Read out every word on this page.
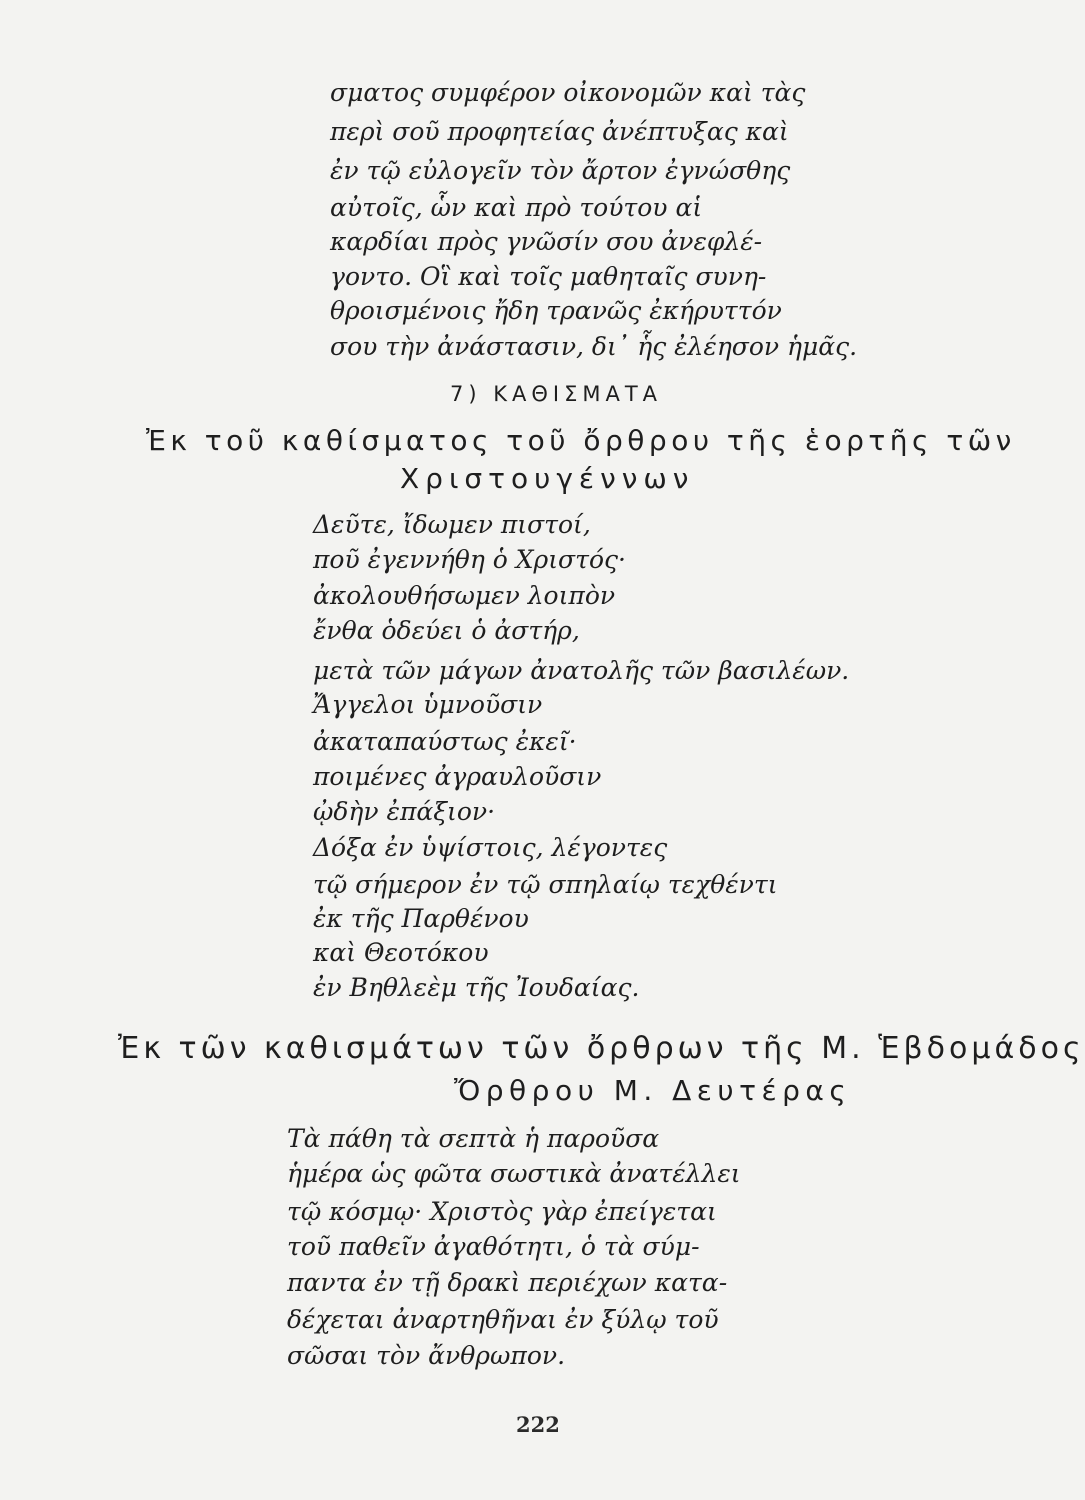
σματος συμφέρον οἰκονομῶν καὶ τὰς
περὶ σοῦ προφητείας ἀνέπτυξας καὶ
ἐν τῷ εὐλογεῖν τὸν ἄρτον ἐγνώσθης
αὐτοῖς, ὧν καὶ πρὸ τούτου αἱ
καρδίαι πρὸς γνῶσίν σου ἀνεφλέ-
γοντο. Οἳ καὶ τοῖς μαθηταῖς συνη-
θροισμένοις ἤδη τρανῶς ἐκήρυττόν
σου τὴν ἀνάστασιν, δι᾽ ἧς ἐλέησον ἡμᾶς.
7) ΚΑΘΙΣΜΑΤΑ
Ἐκ τοῦ καθίσματος τοῦ ὄρθρου τῆς ἑορτῆς τῶν
Χριστουγέννων
Δεῦτε, ἴδωμεν πιστοί,
ποῦ ἐγεννήθη ὁ Χριστός·
ἀκολουθήσωμεν λοιπὸν
ἔνθα ὁδεύει ὁ ἀστήρ,
μετὰ τῶν μάγων ἀνατολῆς τῶν βασιλέων.
Ἄγγελοι ὑμνοῦσιν
ἀκαταπαύστως ἐκεῖ·
ποιμένες ἀγραυλοῦσιν
ᾠδὴν ἐπάξιον·
Δόξα ἐν ὑψίστοις, λέγοντες
τῷ σήμερον ἐν τῷ σπηλαίῳ τεχθέντι
ἐκ τῆς Παρθένου
καὶ Θεοτόκου
ἐν Βηθλεὲμ τῆς Ἰουδαίας.
Ἐκ τῶν καθισμάτων τῶν ὄρθρων τῆς Μ. Ἑβδομάδος
Ὄρθρου Μ. Δευτέρας
Τὰ πάθη τὰ σεπτὰ ἡ παροῦσα
ἡμέρα ὡς φῶτα σωστικὰ ἀνατέλλει
τῷ κόσμῳ· Χριστὸς γὰρ ἐπείγεται
τοῦ παθεῖν ἀγαθότητι, ὁ τὰ σύμ-
παντα ἐν τῇ δρακὶ περιέχων κατα-
δέχεται ἀναρτηθῆναι ἐν ξύλῳ τοῦ
σῶσαι τὸν ἄνθρωπον.
222
